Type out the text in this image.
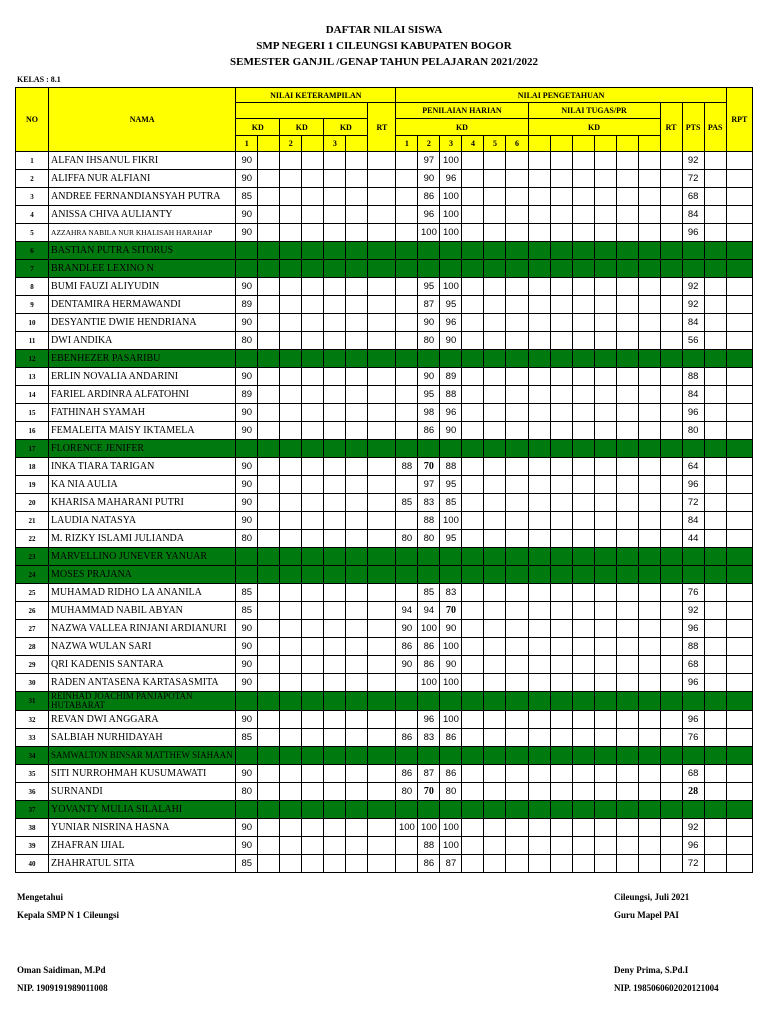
DAFTAR NILAI SISWA
SMP NEGERI 1 CILEUNGSI KABUPATEN BOGOR
SEMESTER GANJIL /GENAP TAHUN PELAJARAN 2021/2022
KELAS : 8.1
NO	NAMA	NILAI KETERAMPILAN							NILAI PENGETAHUAN															RPT
								RT	PENILAIAN HARIAN						NILAI TUGAS/PR						RT	PTS	PAS	
		KD		KD		KD			KD						KD									
		1		2		3			1	2	3	4	5	6										
1	ALFAN IHSANUL FIKRI	90								97	100											92		
2	ALIFFA NUR ALFIANI	90								90	96											72		
3	ANDREE FERNANDIANSYAH PUTRA	85								86	100											68		
4	ANISSA CHIVA AULIANTY	90								96	100											84		
5	AZZAHRA NABILA NUR KHALISAH HARAHAP	90								100	100											96		
6	BASTIAN PUTRA SITORUS																							
7	BRANDLEE LEXINO N																							
8	BUMI FAUZI ALIYUDIN	90								95	100											92		
9	DENTAMIRA HERMAWANDI	89								87	95											92		
10	DESYANTIE DWIE HENDRIANA	90								90	96											84		
11	DWI ANDIKA	80								80	90											56		
12	EBENHEZER PASARIBU																							
13	ERLIN NOVALIA ANDARINI	90								90	89											88		
14	FARIEL ARDINRA ALFATOHNI	89								95	88											84		
15	FATHINAH SYAMAH	90								98	96											96		
16	FEMALEITA MAISY IKTAMELA	90								86	90											80		
17	FLORENCE JENIFER																							
18	INKA TIARA TARIGAN	90							88	70	88											64		
19	KA NIA AULIA	90								97	95											96		
20	KHARISA MAHARANI PUTRI	90							85	83	85											72		
21	LAUDIA NATASYA	90								88	100											84		
22	M. RIZKY ISLAMI JULIANDA	80							80	80	95											44		
23	MARVELLINO JUNEVER YANUAR																							
24	MOSES PRAJANA																							
25	MUHAMAD RIDHO LA ANANILA	85								85	83											76		
26	MUHAMMAD NABIL ABYAN	85							94	94	70											92		
27	NAZWA VALLEA RINJANI ARDIANURI	90							90	100	90											96		
28	NAZWA WULAN SARI	90							86	86	100											88		
29	QRI KADENIS SANTARA	90							90	86	90											68		
30	RADEN ANTASENA KARTASASMITA	90								100	100											96		
31	REINHAD JOACHIM PANJAPOTAN HUTABARAT																							
32	REVAN DWI ANGGARA	90								96	100											96		
33	SALBIAH NURHIDAYAH	85							86	83	86											76		
34	SAMWALTON BINSAR MATTHEW SIAHAAN																							
35	SITI NURROHMAH KUSUMAWATI	90							86	87	86											68		
36	SURNANDI	80							80	70	80											28		
37	YOVANTY MULIA SILALAHI																							
38	YUNIAR NISRINA HASNA	90							100	100	100											92		
39	ZHAFRAN IJIAL	90								88	100											96		
40	ZHAHRATUL SITA	85								86	87											72		
Mengetahui
Kepala SMP N 1 Cileungsi
Oman Saidiman, M.Pd
NIP. 1909191989011008
Cileungsi, Juli 2021
Guru Mapel PAI
Deny Prima, S.Pd.I
NIP. 1985060602020121004
